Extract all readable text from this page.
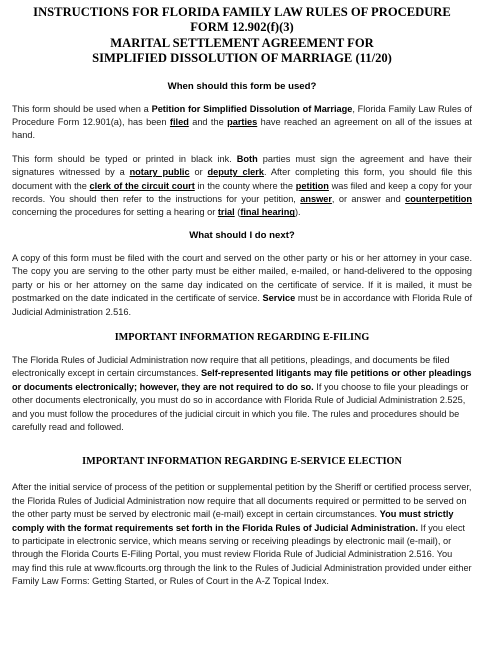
INSTRUCTIONS FOR FLORIDA FAMILY LAW RULES OF PROCEDURE
FORM 12.902(f)(3)
MARITAL SETTLEMENT AGREEMENT FOR
SIMPLIFIED DISSOLUTION OF MARRIAGE (11/20)
When should this form be used?

This form should be used when a Petition for Simplified Dissolution of Marriage, Florida Family Law Rules of Procedure Form 12.901(a), has been filed and the parties have reached an agreement on all of the issues at hand.

This form should be typed or printed in black ink. Both parties must sign the agreement and have their signatures witnessed by a notary public or deputy clerk. After completing this form, you should file this document with the clerk of the circuit court in the county where the petition was filed and keep a copy for your records. You should then refer to the instructions for your petition, answer, or answer and counterpetition concerning the procedures for setting a hearing or trial (final hearing).

What should I do next?

A copy of this form must be filed with the court and served on the other party or his or her attorney in your case. The copy you are serving to the other party must be either mailed, e-mailed, or hand-delivered to the opposing party or his or her attorney on the same day indicated on the certificate of service. If it is mailed, it must be postmarked on the date indicated in the certificate of service. Service must be in accordance with Florida Rule of Judicial Administration 2.516.

IMPORTANT INFORMATION REGARDING E-FILING

The Florida Rules of Judicial Administration now require that all petitions, pleadings, and documents be filed electronically except in certain circumstances. Self-represented litigants may file petitions or other pleadings or documents electronically; however, they are not required to do so. If you choose to file your pleadings or other documents electronically, you must do so in accordance with Florida Rule of Judicial Administration 2.525, and you must follow the procedures of the judicial circuit in which you file. The rules and procedures should be carefully read and followed.

IMPORTANT INFORMATION REGARDING E-SERVICE ELECTION

After the initial service of process of the petition or supplemental petition by the Sheriff or certified process server, the Florida Rules of Judicial Administration now require that all documents required or permitted to be served on the other party must be served by electronic mail (e-mail) except in certain circumstances. You must strictly comply with the format requirements set forth in the Florida Rules of Judicial Administration. If you elect to participate in electronic service, which means serving or receiving pleadings by electronic mail (e-mail), or through the Florida Courts E-Filing Portal, you must review Florida Rule of Judicial Administration 2.516. You may find this rule at www.flcourts.org through the link to the Rules of Judicial Administration provided under either Family Law Forms: Getting Started, or Rules of Court in the A-Z Topical Index.
